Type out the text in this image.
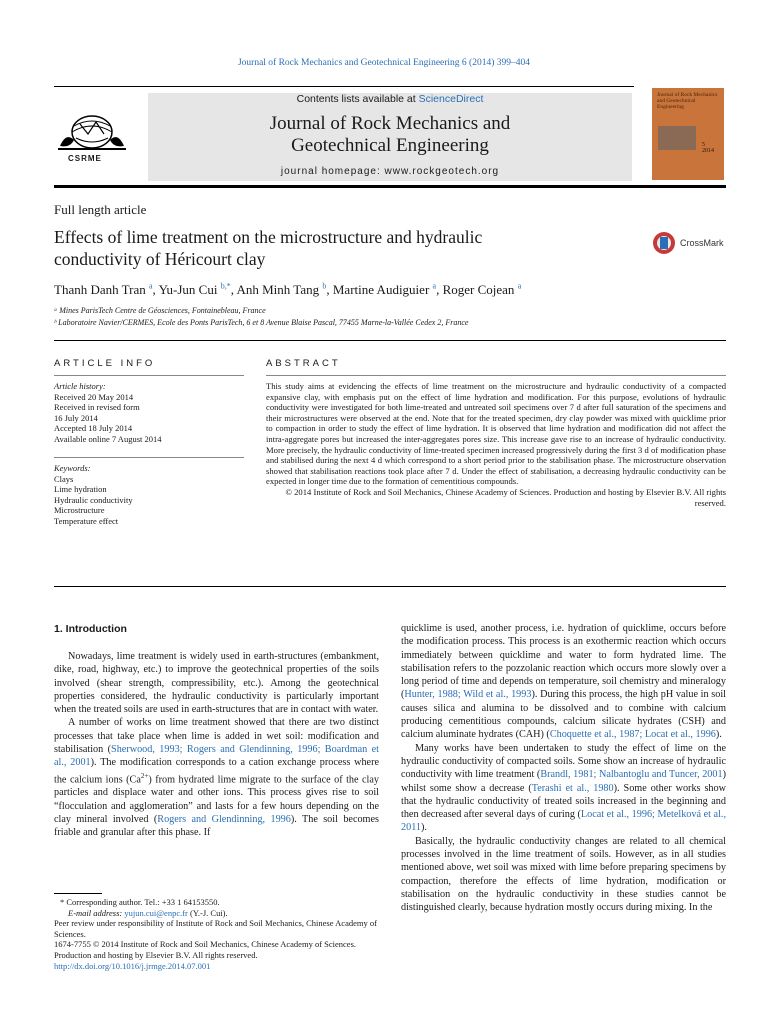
Journal of Rock Mechanics and Geotechnical Engineering 6 (2014) 399–404
Contents lists available at ScienceDirect
Journal of Rock Mechanics and
Geotechnical Engineering
journal homepage: www.rockgeotech.org
CSRME
Journal of Rock Mechanics and Geotechnical Engineering
5
2014
Full length article
Effects of lime treatment on the microstructure and hydraulic
conductivity of Héricourt clay
CrossMark
Thanh Danh Tran $^a$, Yu-Jun Cui $^{b,*}$, Anh Minh Tang $^b$, Martine Audiguier $^a$, Roger Cojean $^a$
ᵃ Mines ParisTech Centre de Géosciences, Fontainebleau, France
ᵇ Laboratoire Navier/CERMES, Ecole des Ponts ParisTech, 6 et 8 Avenue Blaise Pascal, 77455 Marne-la-Vallée Cedex 2, France
ARTICLE INFO
Article history:
Received 20 May 2014
Received in revised form
16 July 2014
Accepted 18 July 2014
Available online 7 August 2014
Keywords:
Clays
Lime hydration
Hydraulic conductivity
Microstructure
Temperature effect
ABSTRACT
This study aims at evidencing the effects of lime treatment on the microstructure and hydraulic conductivity of a compacted expansive clay, with emphasis put on the effect of lime hydration and modification. For this purpose, evolutions of hydraulic conductivity were investigated for both lime-treated and untreated soil specimens over 7 d after full saturation of the specimens and their microstructures were observed at the end. Note that for the treated specimen, dry clay powder was mixed with quicklime prior to compaction in order to study the effect of lime hydration. It is observed that lime hydration and modification did not affect the intra-aggregate pores but increased the inter-aggregates pores size. This increase gave rise to an increase of hydraulic conductivity. More precisely, the hydraulic conductivity of lime-treated specimen increased progressively during the first 3 d of modification phase and stabilised during the next 4 d which correspond to a short period prior to the stabilisation phase. The microstructure observation showed that stabilisation reactions took place after 7 d. Under the effect of stabilisation, a decreasing hydraulic conductivity can be expected in longer time due to the formation of cementitious compounds.
© 2014 Institute of Rock and Soil Mechanics, Chinese Academy of Sciences. Production and hosting by Elsevier B.V. All rights reserved.
1. Introduction

Nowadays, lime treatment is widely used in earth-structures (embankment, dike, road, highway, etc.) to improve the geotechnical properties of the soils involved (shear strength, compressibility, etc.). Among the geotechnical properties considered, the hydraulic conductivity is particularly important when the treated soils are used in earth-structures that are in contact with water.

A number of works on lime treatment showed that there are two distinct processes that take place when lime is added in wet soil: modification and stabilisation (Sherwood, 1993; Rogers and Glendinning, 1996; Boardman et al., 2001). The modification corresponds to a cation exchange process where the calcium ions $(Ca^{2+})$ from hydrated lime migrate to the surface of the clay particles and displace water and other ions. This process gives rise to soil “flocculation and agglomeration” and lasts for a few hours depending on the clay mineral involved (Rogers and Glendinning, 1996). The soil becomes friable and granular after this phase. If

* Corresponding author. Tel.: +33 1 64153550.
E-mail address: yujun.cui@enpc.fr (Y.-J. Cui).
Peer review under responsibility of Institute of Rock and Soil Mechanics, Chinese Academy of Sciences.
1674-7755 © 2014 Institute of Rock and Soil Mechanics, Chinese Academy of Sciences. Production and hosting by Elsevier B.V. All rights reserved.
http://dx.doi.org/10.1016/j.jrmge.2014.07.001

quicklime is used, another process, i.e. hydration of quicklime, occurs before the modification process. This process is an exothermic reaction which occurs immediately between quicklime and water to form hydrated lime. The stabilisation refers to the pozzolanic reaction which occurs more slowly over a long period of time and depends on temperature, soil chemistry and mineralogy (Hunter, 1988; Wild et al., 1993). During this process, the high pH value in soil causes silica and alumina to be dissolved and to combine with calcium producing cementitious compounds, calcium silicate hydrates (CSH) and calcium aluminate hydrates (CAH) (Choquette et al., 1987; Locat et al., 1996).

Many works have been undertaken to study the effect of lime on the hydraulic conductivity of compacted soils. Some show an increase of hydraulic conductivity with lime treatment (Brandl, 1981; Nalbantoglu and Tuncer, 2001) whilst some show a decrease (Terashi et al., 1980). Some other works show that the hydraulic conductivity of treated soils increased in the beginning and then decreased after several days of curing (Locat et al., 1996; Metelková et al., 2011).

Basically, the hydraulic conductivity changes are related to all chemical processes involved in the lime treatment of soils. However, as in all studies mentioned above, wet soil was mixed with lime before preparing specimens by compaction, therefore the effects of lime hydration, modification or stabilisation on the hydraulic conductivity in these studies cannot be distinguished clearly, because hydration mostly occurs during mixing. In the
